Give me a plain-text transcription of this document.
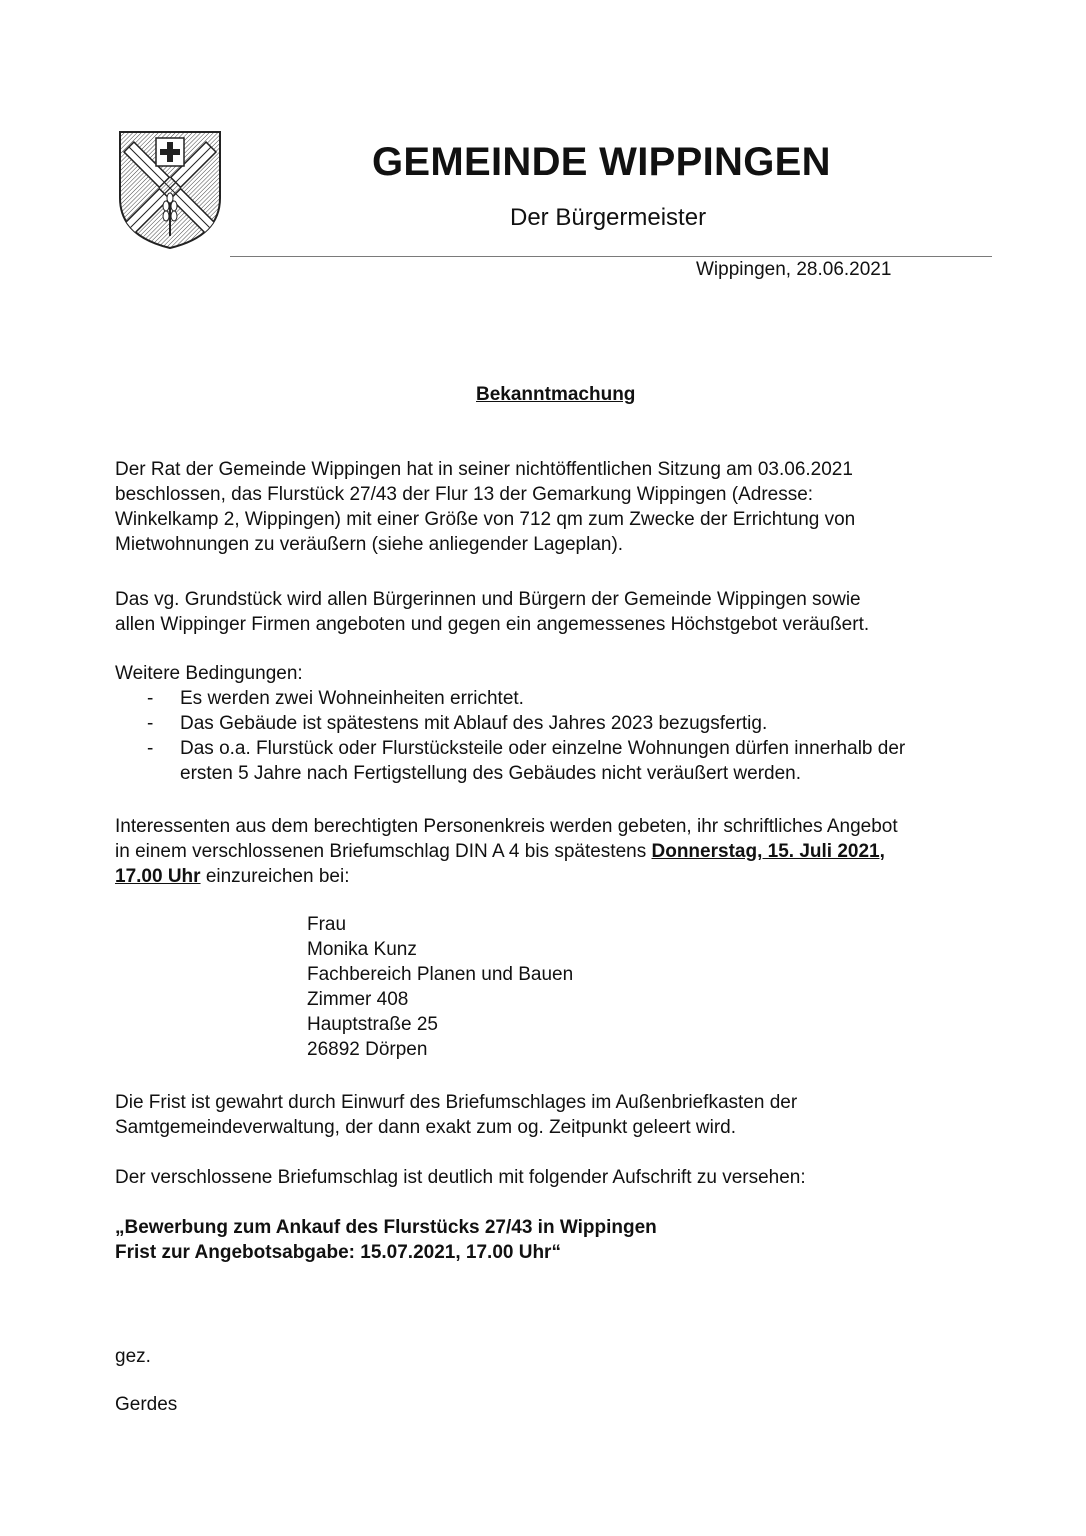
GEMEINDE WIPPINGEN
Der Bürgermeister
Wippingen, 28.06.2021
Bekanntmachung
Der Rat der Gemeinde Wippingen hat in seiner nichtöffentlichen Sitzung am 03.06.2021
beschlossen, das Flurstück 27/43 der Flur 13 der Gemarkung Wippingen (Adresse:
Winkelkamp 2, Wippingen) mit einer Größe von 712 qm zum Zwecke der Errichtung von
Mietwohnungen zu veräußern (siehe anliegender Lageplan).
Das vg. Grundstück wird allen Bürgerinnen und Bürgern der Gemeinde Wippingen sowie
allen Wippinger Firmen angeboten und gegen ein angemessenes Höchstgebot veräußert.
Weitere Bedingungen:
- Es werden zwei Wohneinheiten errichtet.
- Das Gebäude ist spätestens mit Ablauf des Jahres 2023 bezugsfertig.
- Das o.a. Flurstück oder Flurstücksteile oder einzelne Wohnungen dürfen innerhalb der
ersten 5 Jahre nach Fertigstellung des Gebäudes nicht veräußert werden.
Interessenten aus dem berechtigten Personenkreis werden gebeten, ihr schriftliches Angebot
in einem verschlossenen Briefumschlag DIN A 4 bis spätestens Donnerstag, 15. Juli 2021,
17.00 Uhr einzureichen bei:
Frau
Monika Kunz
Fachbereich Planen und Bauen
Zimmer 408
Hauptstraße 25
26892 Dörpen
Die Frist ist gewahrt durch Einwurf des Briefumschlages im Außenbriefkasten der
Samtgemeindeverwaltung, der dann exakt zum og. Zeitpunkt geleert wird.
Der verschlossene Briefumschlag ist deutlich mit folgender Aufschrift zu versehen:
„Bewerbung zum Ankauf des Flurstücks 27/43 in Wippingen
Frist zur Angebotsabgabe: 15.07.2021, 17.00 Uhr“
gez.
Gerdes
